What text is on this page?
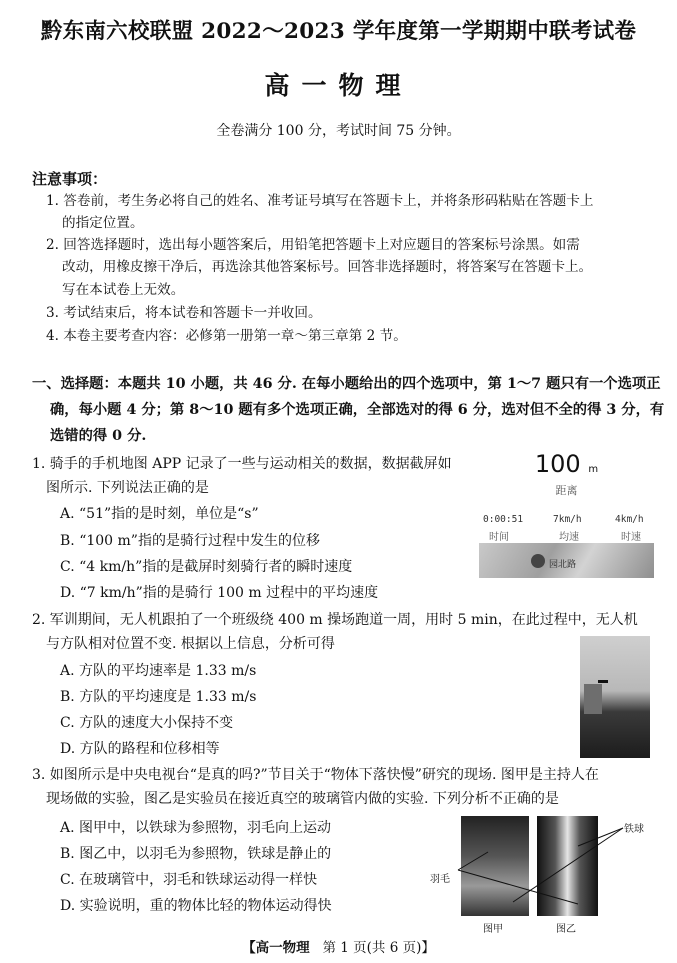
黔东南六校联盟 2022～2023 学年度第一学期期中联考试卷
高一物理
全卷满分 100 分，考试时间 75 分钟。
注意事项：
1. 答卷前，考生务必将自己的姓名、准考证号填写在答题卡上，并将条形码粘贴在答题卡上
的指定位置。
2. 回答选择题时，选出每小题答案后，用铅笔把答题卡上对应题目的答案标号涂黑。如需
改动，用橡皮擦干净后，再选涂其他答案标号。回答非选择题时，将答案写在答题卡上。
写在本试卷上无效。
3. 考试结束后，将本试卷和答题卡一并收回。
4. 本卷主要考查内容：必修第一册第一章～第三章第 2 节。
一、选择题：本题共 10 小题，共 46 分. 在每小题给出的四个选项中，第 1～7 题只有一个选项正
确，每小题 4 分；第 8～10 题有多个选项正确，全部选对的得 6 分，选对但不全的得 3 分，有
选错的得 0 分.
1. 骑手的手机地图 APP 记录了一些与运动相关的数据，数据截屏如
图所示. 下列说法正确的是
A. “51”指的是时刻，单位是“s”
B. “100 m”指的是骑行过程中发生的位移
C. “4 km/h”指的是截屏时刻骑行者的瞬时速度
D. “7 km/h”指的是骑行 100 m 过程中的平均速度
100 m
距离
0:00:51	7km/h	4km/h
时间	均速	时速
园北路
2. 军训期间，无人机跟拍了一个班级绕 400 m 操场跑道一周，用时 5 min，在此过程中，无人机
与方队相对位置不变. 根据以上信息，分析可得
A. 方队的平均速率是 1.33 m/s
B. 方队的平均速度是 1.33 m/s
C. 方队的速度大小保持不变
D. 方队的路程和位移相等
3. 如图所示是中央电视台“是真的吗?”节目关于“物体下落快慢”研究的现场. 图甲是主持人在
现场做的实验，图乙是实验员在接近真空的玻璃管内做的实验. 下列分析不正确的是
A. 图甲中，以铁球为参照物，羽毛向上运动
B. 图乙中，以羽毛为参照物，铁球是静止的
C. 在玻璃管中，羽毛和铁球运动得一样快
D. 实验说明，重的物体比轻的物体运动得快
铁球
羽毛
图甲	图乙
【高一物理 第 1 页(共 6 页)】
